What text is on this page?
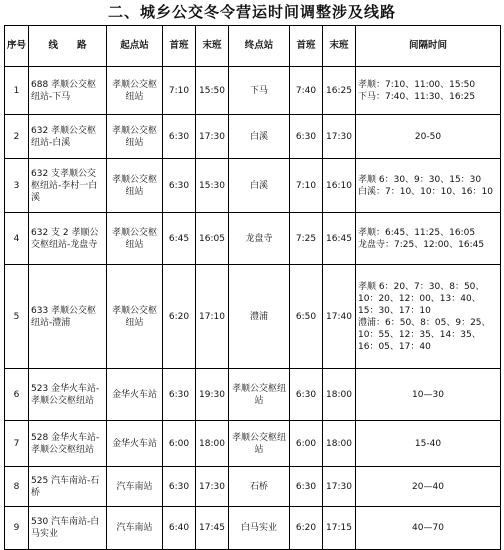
二、城乡公交冬令营运时间调整涉及线路
序号	线　　路	起点站	首班	末班	终点站	首班	末班	间隔时间
1	688 孝顺公交枢纽站-下马	孝顺公交枢纽站	7:10	15:50	下马	7:40	16:25	孝顺：7:10、11:00、15:50
下马：7:40、11:30、16:25

2	632 孝顺公交枢纽站-白溪	孝顺公交枢纽站	6:30	17:30	白溪	6:30	17:30	20-50

3	632 支孝顺公交枢纽站-李村一白溪	孝顺公交枢纽站	6:30	15:30	白溪	7:10	16:10	孝顺 6：30、9：30、15：30
白溪：7：10、10：10、16：10

4	632 支 2 孝顺公交枢纽站-龙盘寺	孝顺公交枢纽站	6:45	16:05	龙盘寺	7:25	16:45	孝顺：6:45、11:25、16:05
龙盘寺：7:25、12:00、16:45

5	633 孝顺公交枢纽站-澧浦	孝顺公交枢纽站	6:20	17:10	澧浦	6:50	17:40	孝顺 6：20、7：30、8：50、10：20、12：00、13：40、15：30、17：10
澧浦：6：50、8：05、9：25、10：55、12：35、14：35、16：05、17：40

6	523 金华火车站-孝顺公交枢纽站	金华火车站	6:30	19:30	孝顺公交枢纽站	6:30	18:00	10—30

7	528 金华火车站-孝顺公交枢纽站	金华火车站	6:00	18:00	孝顺公交枢纽站	6:00	18:00	15-40

8	525 汽车南站-石桥	汽车南站	6:30	17:30	石桥	6:30	17:30	20—40

9	530 汽车南站-白马实业	汽车南站	6:40	17:45	白马实业	6:20	17:15	40—70
